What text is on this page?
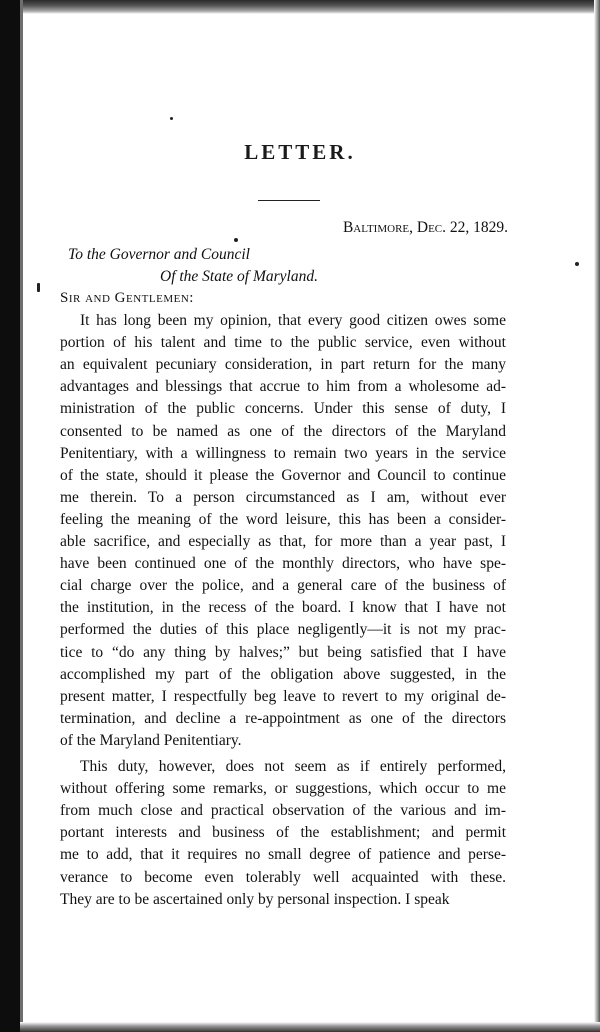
LETTER.
Baltimore, Dec. 22, 1829.
To the Governor and Council
Of the State of Maryland.
Sir and Gentlemen:
It has long been my opinion, that every good citizen owes some
portion of his talent and time to the public service, even without
an equivalent pecuniary consideration, in part return for the many
advantages and blessings that accrue to him from a wholesome ad-
ministration of the public concerns. Under this sense of duty, I
consented to be named as one of the directors of the Maryland
Penitentiary, with a willingness to remain two years in the service
of the state, should it please the Governor and Council to continue
me therein. To a person circumstanced as I am, without ever
feeling the meaning of the word leisure, this has been a consider-
able sacrifice, and especially as that, for more than a year past, I
have been continued one of the monthly directors, who have spe-
cial charge over the police, and a general care of the business of
the institution, in the recess of the board. I know that I have not
performed the duties of this place negligently—it is not my prac-
tice to “do any thing by halves;” but being satisfied that I have
accomplished my part of the obligation above suggested, in the
present matter, I respectfully beg leave to revert to my original de-
termination, and decline a re-appointment as one of the directors
of the Maryland Penitentiary.
This duty, however, does not seem as if entirely performed,
without offering some remarks, or suggestions, which occur to me
from much close and practical observation of the various and im-
portant interests and business of the establishment; and permit
me to add, that it requires no small degree of patience and perse-
verance to become even tolerably well acquainted with these.
They are to be ascertained only by personal inspection. I speak
